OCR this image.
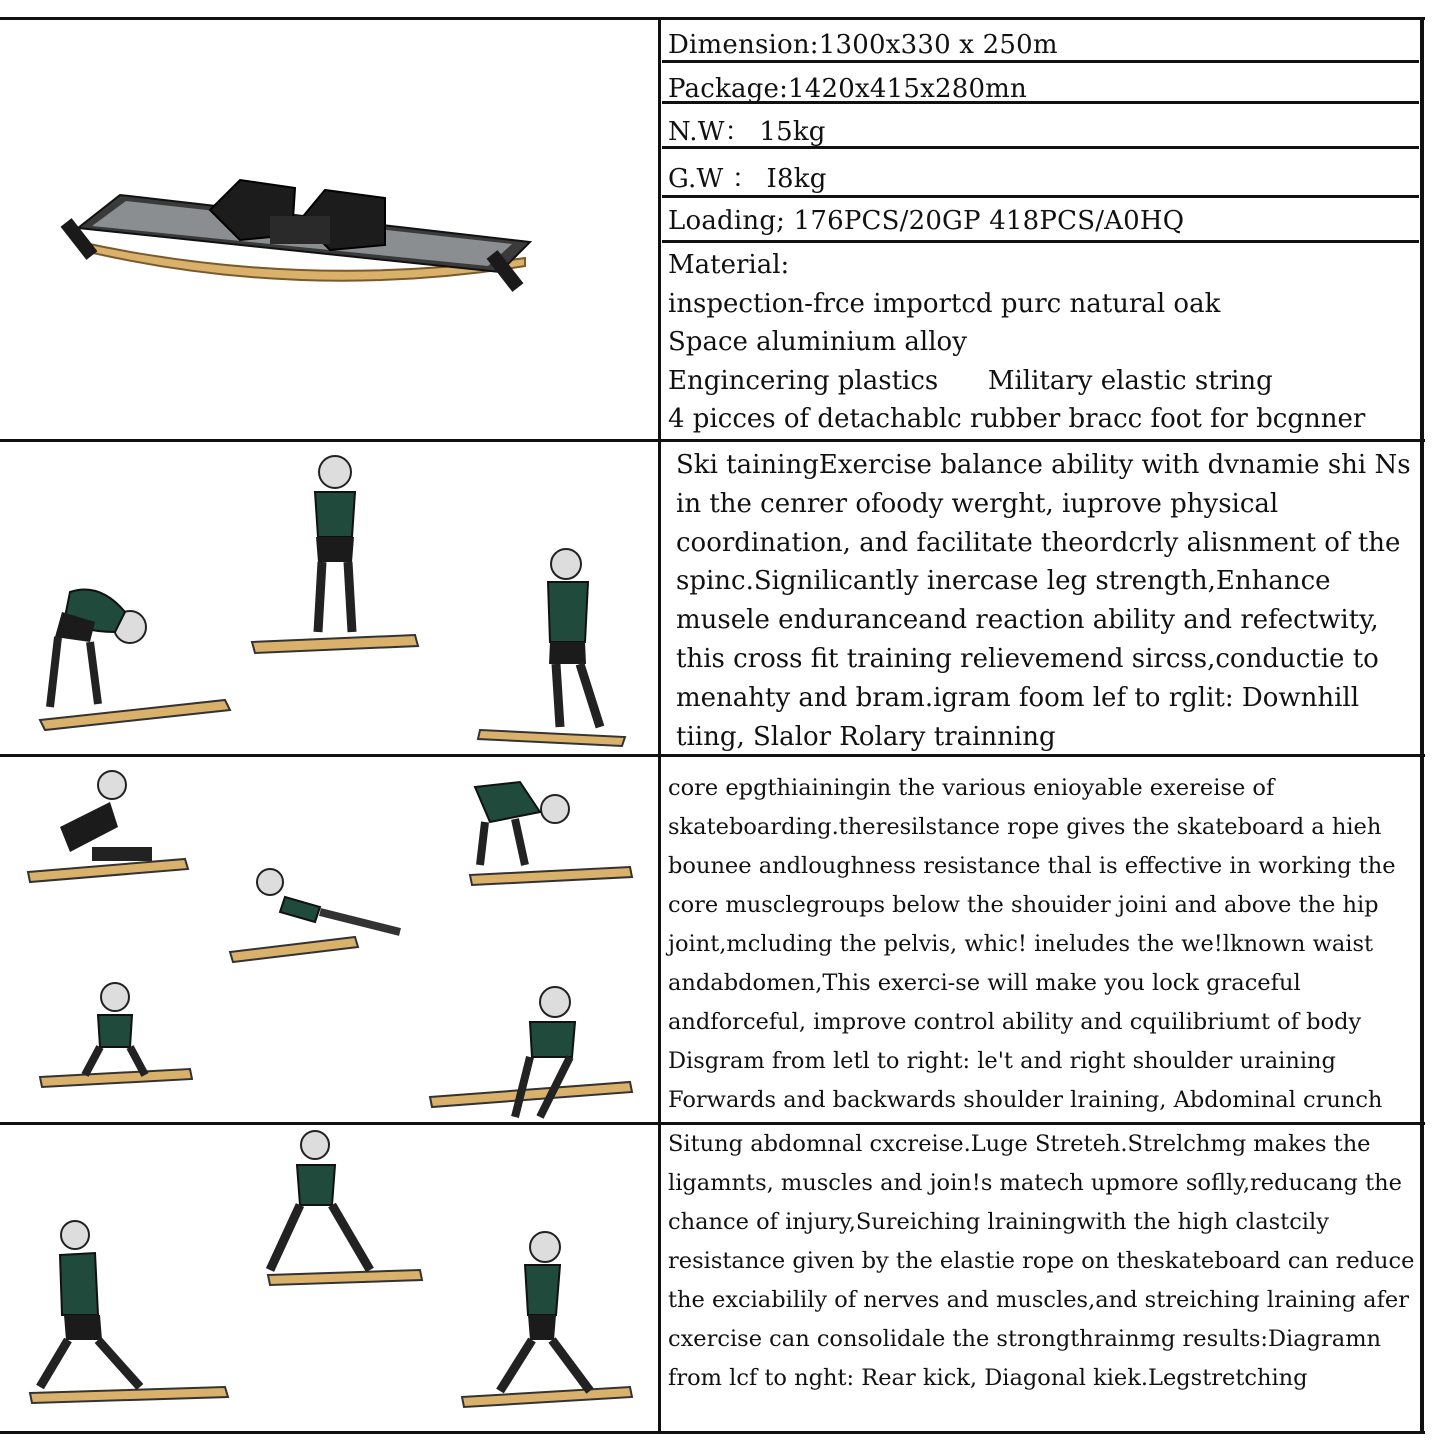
Dimension:1300x330 x 250m
Package:1420x415x280mn
N.W： 15kg
G.W ： I8kg
Loading; 176PCS/20GP 418PCS/A0HQ
Material:
inspection-frce importcd purc natural oak
Space aluminium alloy
Engincering plastics      Military elastic string
4 picces of detachablc rubber bracc foot for bcgnner
Ski tainingExercise balance ability with dvnamie shi Ns in the cenrer ofoody werght, iuprove physical coordination, and facilitate theordcrly alisnment of the spinc.Signilicantly inercase leg strength,Enhance musele enduranceand reaction ability and refectwity, this cross fit training relievemend sircss,conductie to menahty and bram.igram foom lef to rglit: Downhill tiing, Slalor Rolary trainning
core epgthiainingin the various enioyable exereise of skateboarding.theresilstance rope gives the skateboard a hieh bounee andloughness resistance thal is effective in working the core musclegroups below the shouider joini and above the hip joint,mcluding the pelvis, whic! ineludes the we!lknown waist andabdomen,This exerci-se will make you lock graceful andforceful, improve control ability and cquilibriumt of body Disgram from letl to right: le't and right shoulder uraining Forwards and backwards shoulder lraining, Abdominal crunch
Situng abdomnal cxcreise.Luge Streteh.Strelchmg makes the ligamnts, muscles and join!s matech upmore soflly,reducang the chance of injury,Sureiching lrainingwith the high clastcily resistance given by the elastie rope on theskateboard can reduce the exciabilily of nerves and muscles,and streiching lraining afer cxercise can consolidale the strongthrainmg results:Diagramn from lcf to nght: Rear kick, Diagonal kiek.Legstretching
